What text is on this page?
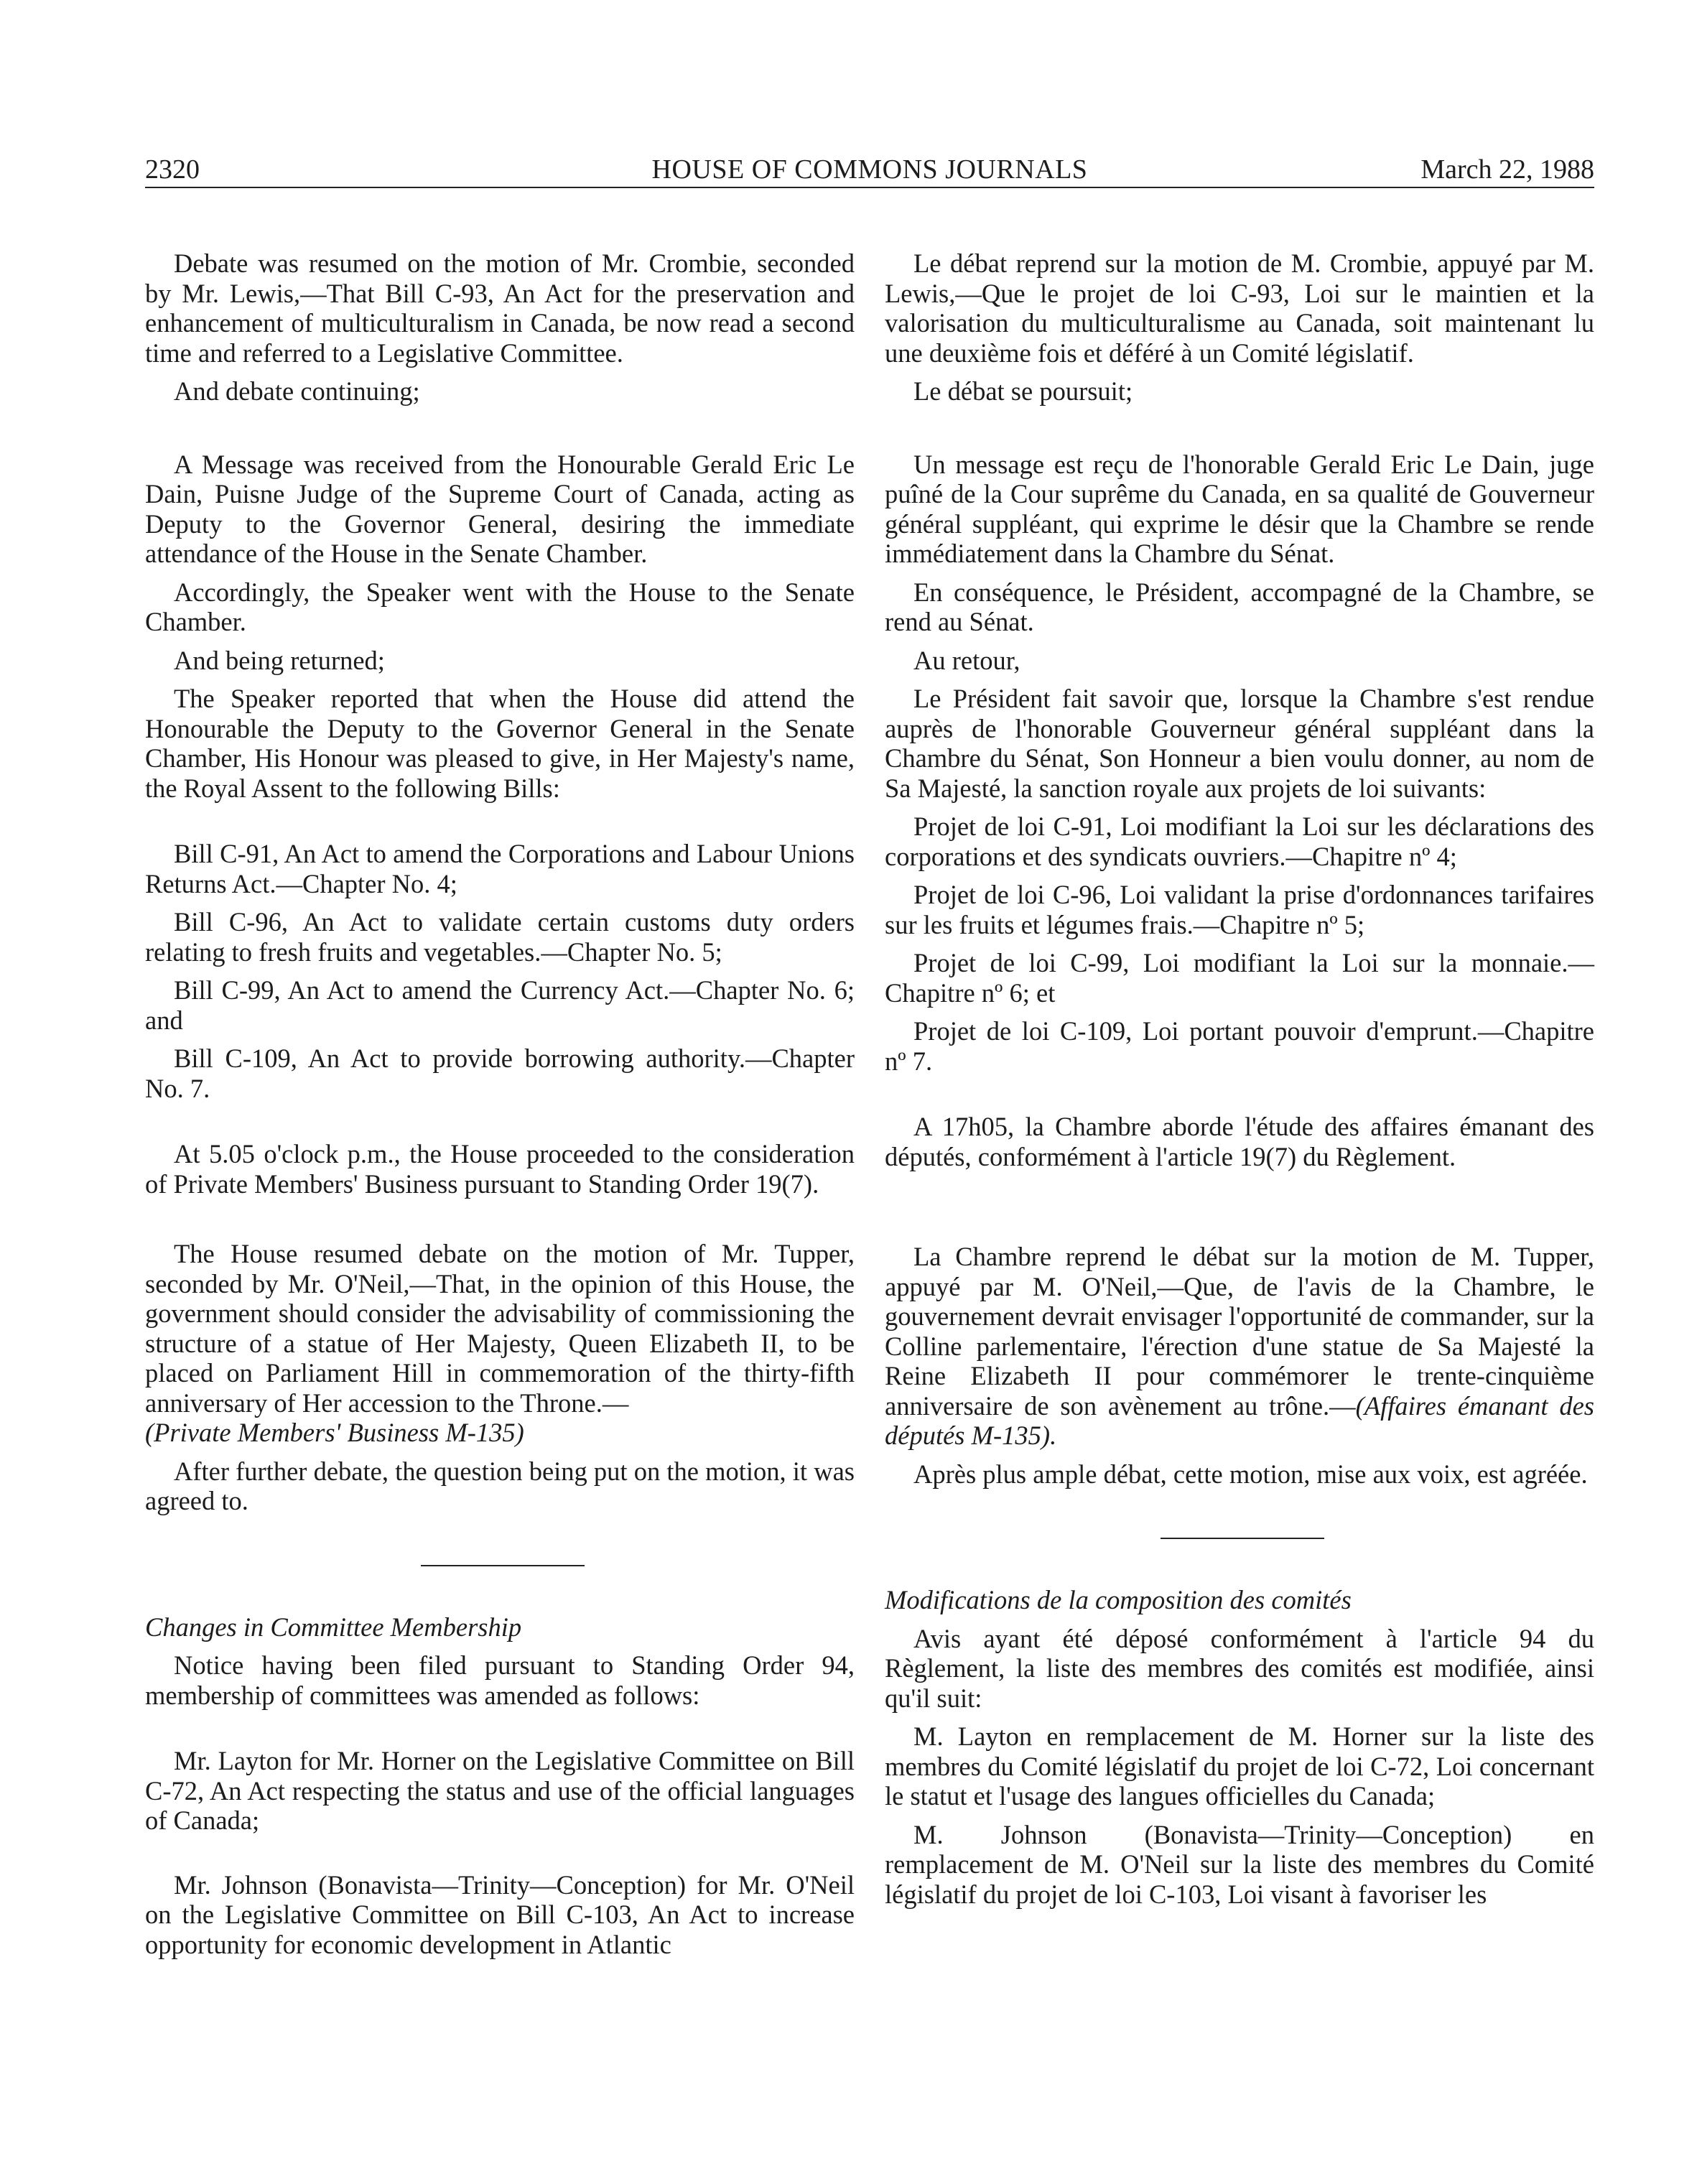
2320	HOUSE OF COMMONS JOURNALS	March 22, 1988

Debate was resumed on the motion of Mr. Crombie, seconded by Mr. Lewis,—That Bill C-93, An Act for the preservation and enhancement of multiculturalism in Canada, be now read a second time and referred to a Legislative Committee.

And debate continuing;

A Message was received from the Honourable Gerald Eric Le Dain, Puisne Judge of the Supreme Court of Canada, acting as Deputy to the Governor General, desiring the immediate attendance of the House in the Senate Chamber.

Accordingly, the Speaker went with the House to the Senate Chamber.

And being returned;

The Speaker reported that when the House did attend the Honourable the Deputy to the Governor General in the Senate Chamber, His Honour was pleased to give, in Her Majesty's name, the Royal Assent to the following Bills:

Bill C-91, An Act to amend the Corporations and Labour Unions Returns Act.—Chapter No. 4;

Bill C-96, An Act to validate certain customs duty orders relating to fresh fruits and vegetables.—Chapter No. 5;

Bill C-99, An Act to amend the Currency Act.—Chapter No. 6; and

Bill C-109, An Act to provide borrowing authority.—Chapter No. 7.

At 5.05 o'clock p.m., the House proceeded to the consideration of Private Members' Business pursuant to Standing Order 19(7).

The House resumed debate on the motion of Mr. Tupper, seconded by Mr. O'Neil,—That, in the opinion of this House, the government should consider the advisability of commissioning the structure of a statue of Her Majesty, Queen Elizabeth II, to be placed on Parliament Hill in commemoration of the thirty-fifth anniversary of Her accession to the Throne.—
(Private Members' Business M-135)

After further debate, the question being put on the motion, it was agreed to.

Changes in Committee Membership

Notice having been filed pursuant to Standing Order 94, membership of committees was amended as follows:

Mr. Layton for Mr. Horner on the Legislative Committee on Bill C-72, An Act respecting the status and use of the official languages of Canada;

Mr. Johnson (Bonavista—Trinity—Conception) for Mr. O'Neil on the Legislative Committee on Bill C-103, An Act to increase opportunity for economic development in Atlantic

Le débat reprend sur la motion de M. Crombie, appuyé par M. Lewis,—Que le projet de loi C-93, Loi sur le maintien et la valorisation du multiculturalisme au Canada, soit maintenant lu une deuxième fois et déféré à un Comité législatif.

Le débat se poursuit;

Un message est reçu de l'honorable Gerald Eric Le Dain, juge puîné de la Cour suprême du Canada, en sa qualité de Gouverneur général suppléant, qui exprime le désir que la Chambre se rende immédiatement dans la Chambre du Sénat.

En conséquence, le Président, accompagné de la Chambre, se rend au Sénat.

Au retour,

Le Président fait savoir que, lorsque la Chambre s'est rendue auprès de l'honorable Gouverneur général suppléant dans la Chambre du Sénat, Son Honneur a bien voulu donner, au nom de Sa Majesté, la sanction royale aux projets de loi suivants:

Projet de loi C-91, Loi modifiant la Loi sur les déclarations des corporations et des syndicats ouvriers.—Chapitre nº 4;

Projet de loi C-96, Loi validant la prise d'ordonnances tarifaires sur les fruits et légumes frais.—Chapitre nº 5;

Projet de loi C-99, Loi modifiant la Loi sur la monnaie.—Chapitre nº 6; et

Projet de loi C-109, Loi portant pouvoir d'emprunt.—Chapitre nº 7.

A 17h05, la Chambre aborde l'étude des affaires émanant des députés, conformément à l'article 19(7) du Règlement.

La Chambre reprend le débat sur la motion de M. Tupper, appuyé par M. O'Neil,—Que, de l'avis de la Chambre, le gouvernement devrait envisager l'opportunité de commander, sur la Colline parlementaire, l'érection d'une statue de Sa Majesté la Reine Elizabeth II pour commémorer le trente-cinquième anniversaire de son avènement au trône.—(Affaires émanant des députés M-135).

Après plus ample débat, cette motion, mise aux voix, est agréée.

Modifications de la composition des comités

Avis ayant été déposé conformément à l'article 94 du Règlement, la liste des membres des comités est modifiée, ainsi qu'il suit:

M. Layton en remplacement de M. Horner sur la liste des membres du Comité législatif du projet de loi C-72, Loi concernant le statut et l'usage des langues officielles du Canada;

M. Johnson (Bonavista—Trinity—Conception) en remplacement de M. O'Neil sur la liste des membres du Comité législatif du projet de loi C-103, Loi visant à favoriser les
